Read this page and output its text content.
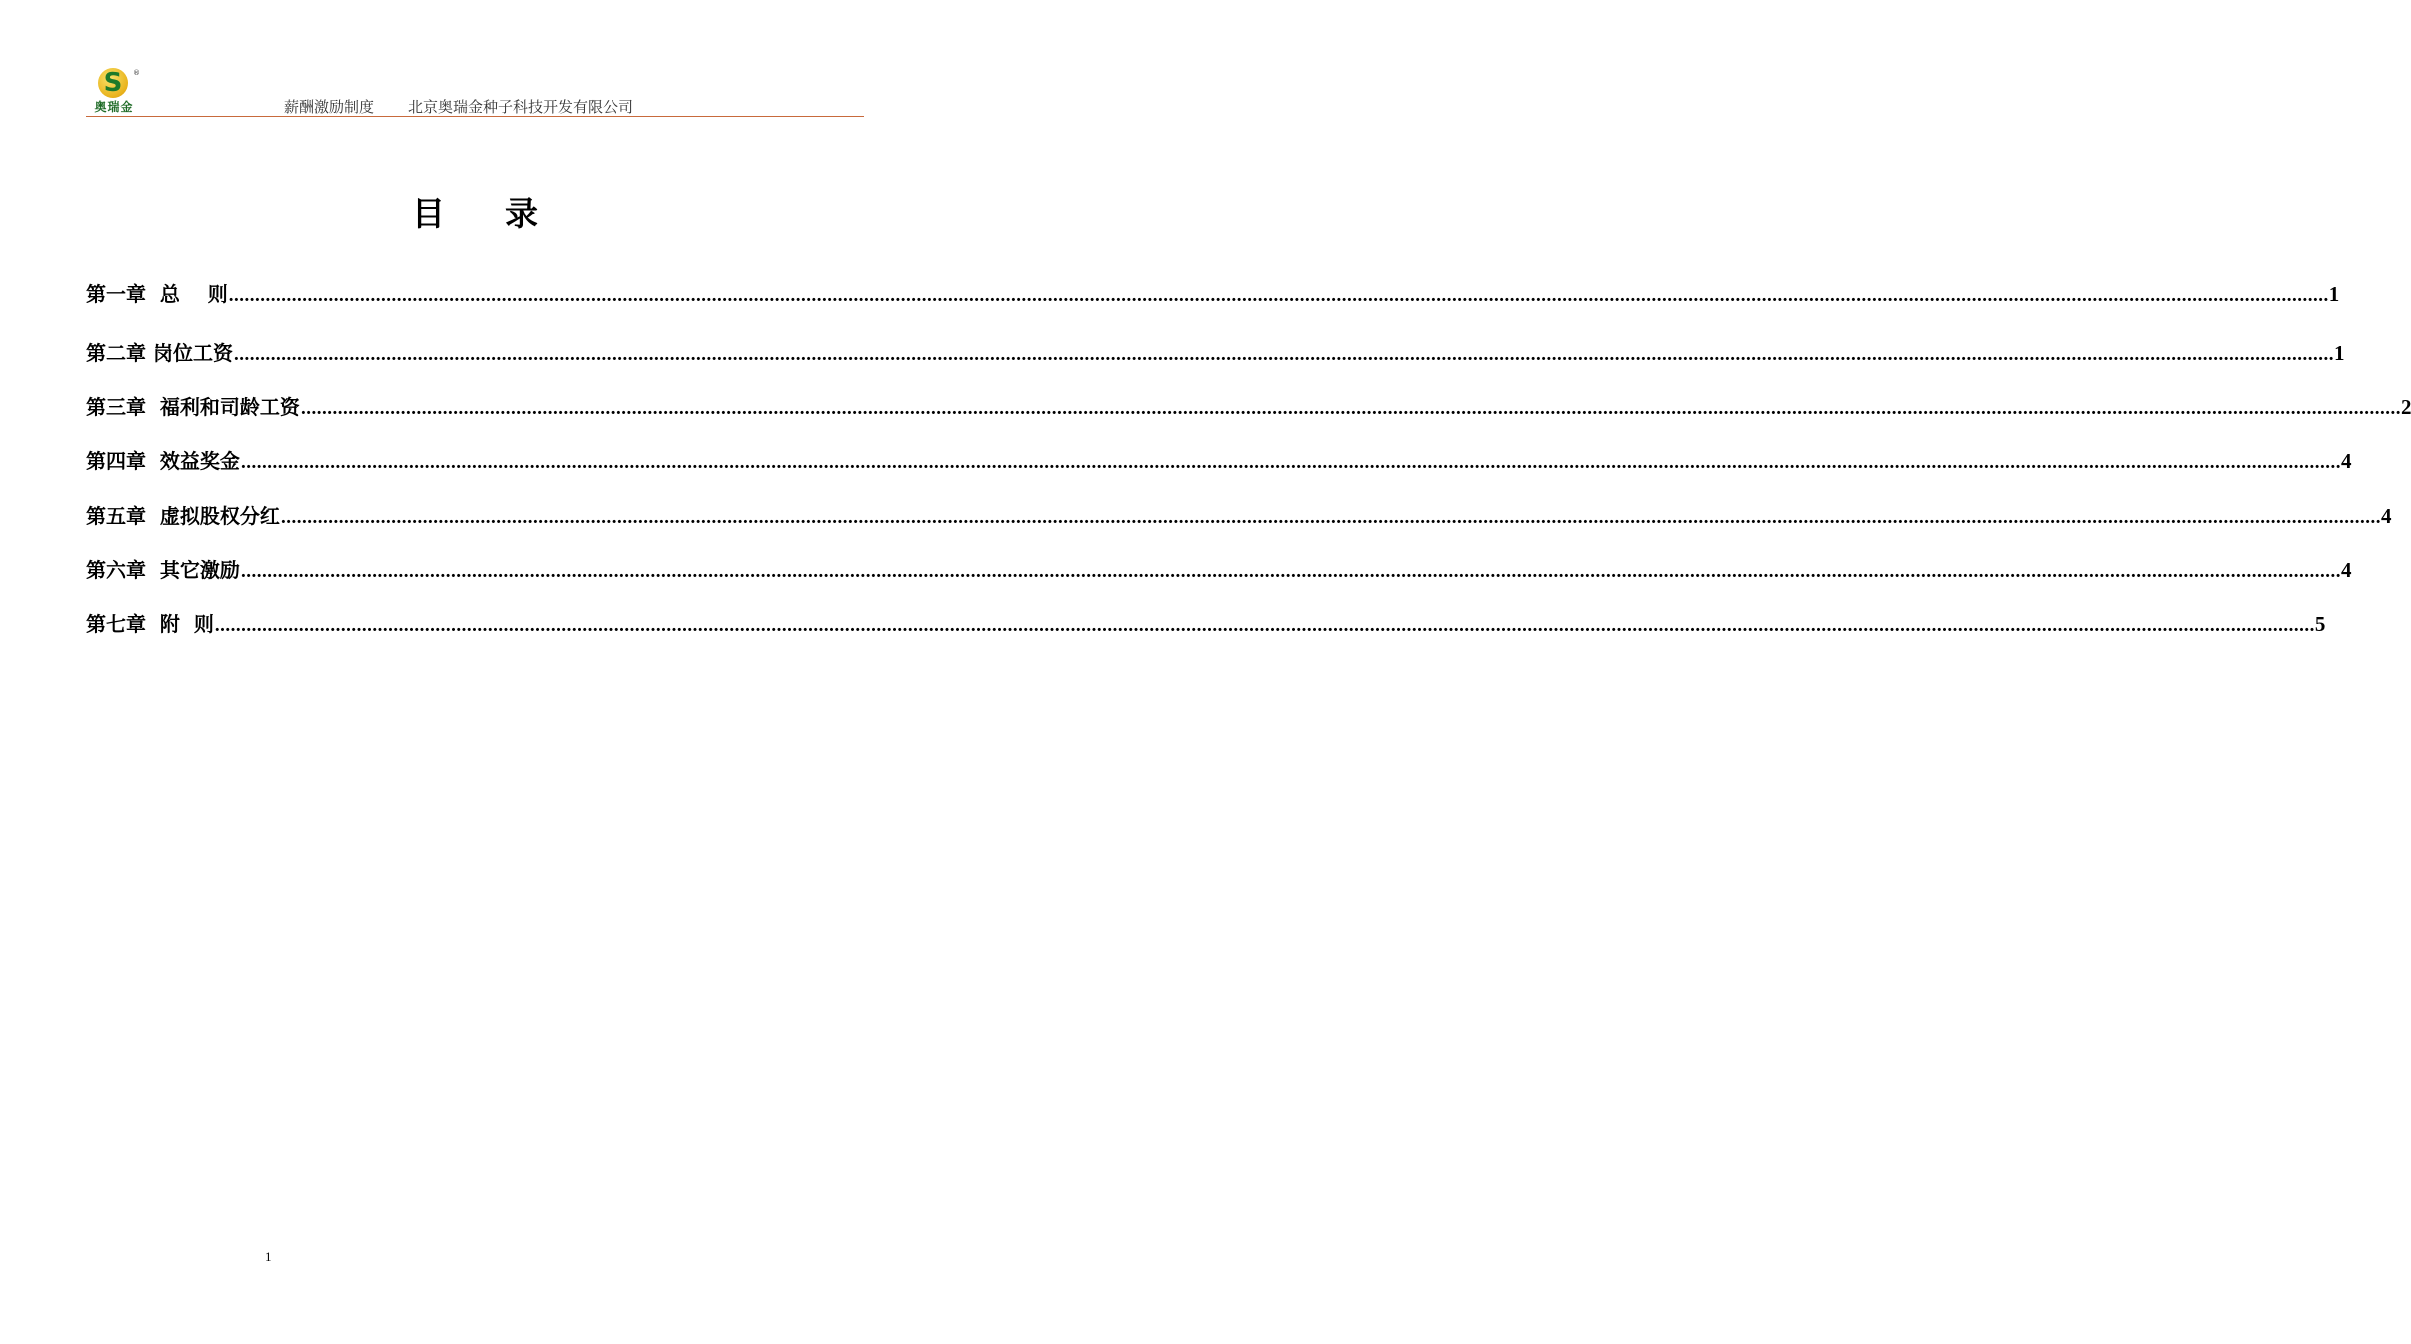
S	®
奥瑞金	薪酬激励制度 北京奥瑞金种子科技开发有限公司
目 录
第一章  总    则 ................................................................................................................................................................................................................................................................................................................................................................................................................ 1
第二章 岗位工资 ................................................................................................................................................................................................................................................................................................................................................................................................................ 1
第三章  福利和司龄工资 ................................................................................................................................................................................................................................................................................................................................................................................................................ 2
第四章  效益奖金 ................................................................................................................................................................................................................................................................................................................................................................................................................ 4
第五章  虚拟股权分红 ................................................................................................................................................................................................................................................................................................................................................................................................................ 4
第六章  其它激励 ................................................................................................................................................................................................................................................................................................................................................................................................................ 4
第七章  附  则 ................................................................................................................................................................................................................................................................................................................................................................................................................ 5
1
